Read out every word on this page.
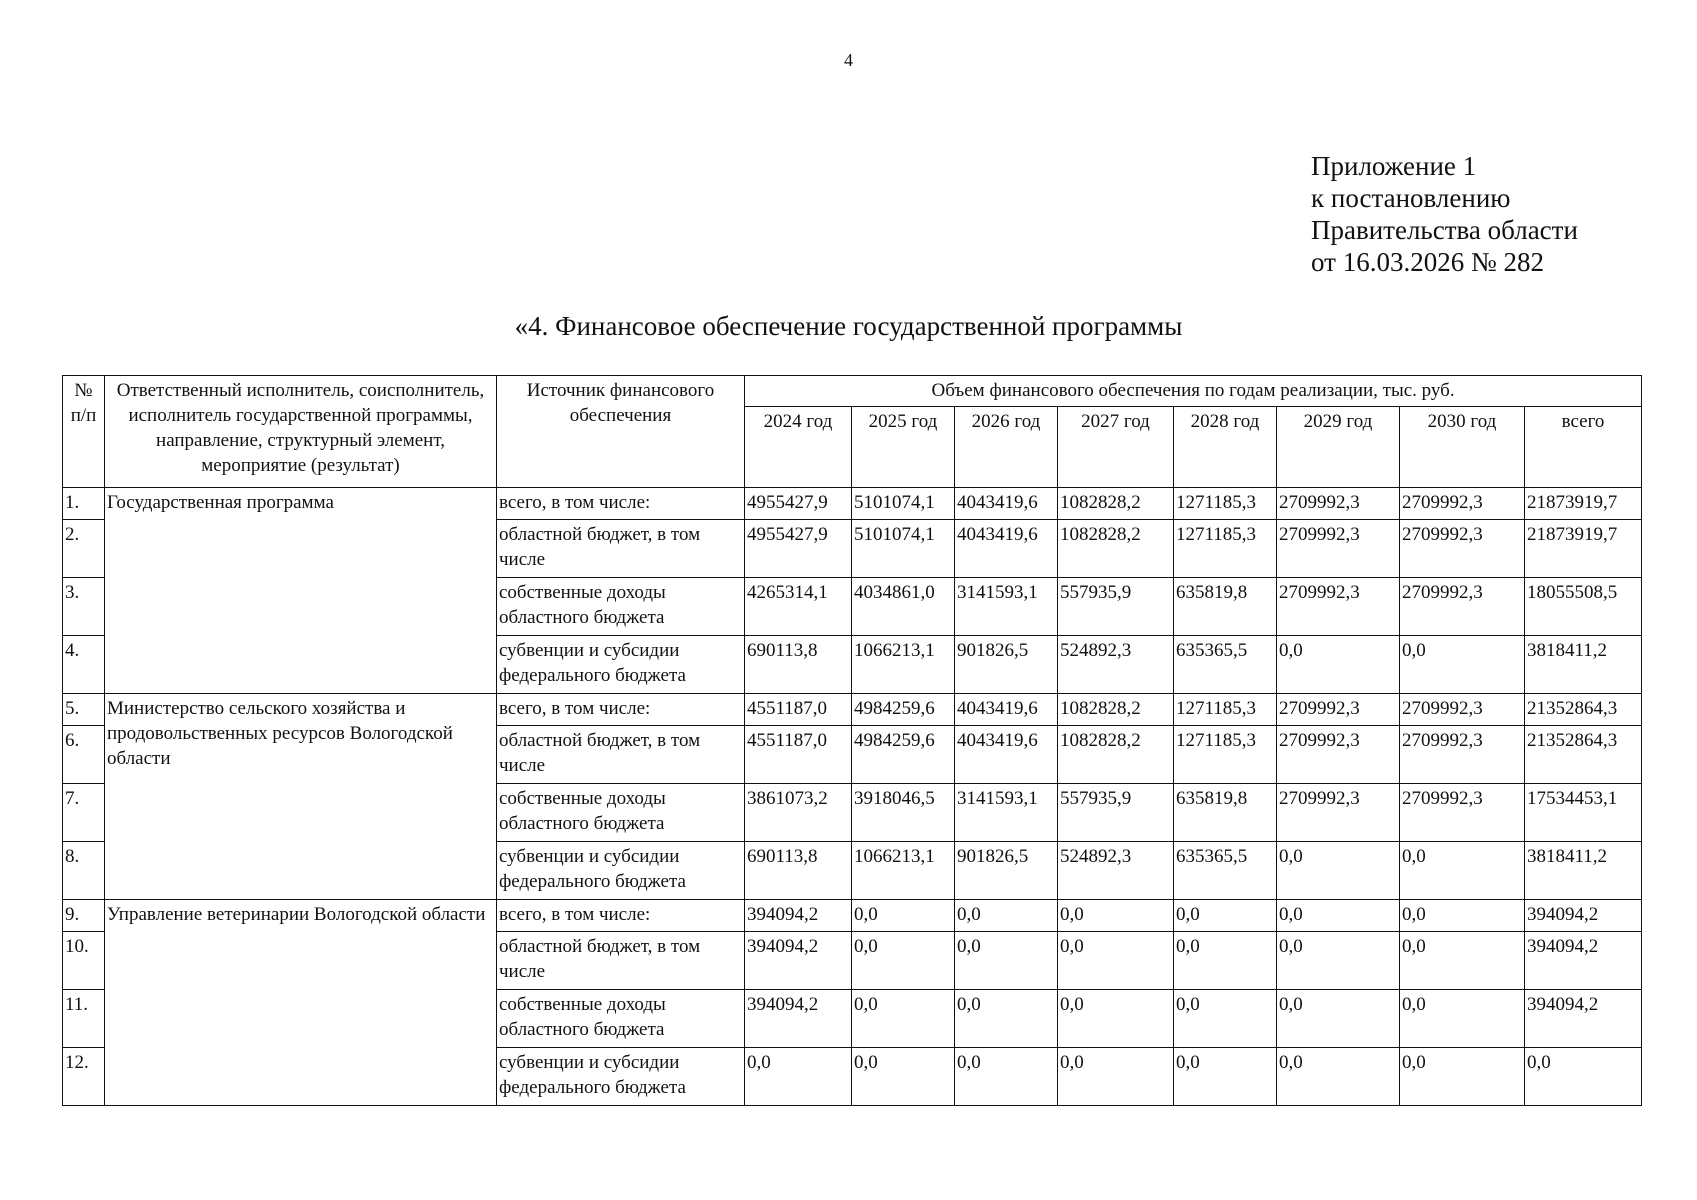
4
Приложение 1
к постановлению
Правительства области
от 16.03.2026 № 282
«4. Финансовое обеспечение государственной программы
№ п/п	Ответственный исполнитель, соисполнитель, исполнитель государственной программы, направление, структурный элемент, мероприятие (результат)	Источник финансового обеспечения	Объем финансового обеспечения по годам реализации, тыс. руб.							
			2024 год	2025 год	2026 год	2027 год	2028 год	2029 год	2030 год	всего
1.	Государственная программа	всего, в том числе:	4955427,9	5101074,1	4043419,6	1082828,2	1271185,3	2709992,3	2709992,3	21873919,7
2.		областной бюджет, в том числе	4955427,9	5101074,1	4043419,6	1082828,2	1271185,3	2709992,3	2709992,3	21873919,7
3.		собственные доходы областного бюджета	4265314,1	4034861,0	3141593,1	557935,9	635819,8	2709992,3	2709992,3	18055508,5
4.		субвенции и субсидии федерального бюджета	690113,8	1066213,1	901826,5	524892,3	635365,5	0,0	0,0	3818411,2
5.	Министерство сельского хозяйства и продовольственных ресурсов Вологодской области	всего, в том числе:	4551187,0	4984259,6	4043419,6	1082828,2	1271185,3	2709992,3	2709992,3	21352864,3
6.		областной бюджет, в том числе	4551187,0	4984259,6	4043419,6	1082828,2	1271185,3	2709992,3	2709992,3	21352864,3
7.		собственные доходы областного бюджета	3861073,2	3918046,5	3141593,1	557935,9	635819,8	2709992,3	2709992,3	17534453,1
8.		субвенции и субсидии федерального бюджета	690113,8	1066213,1	901826,5	524892,3	635365,5	0,0	0,0	3818411,2
9.	Управление ветеринарии Вологодской области	всего, в том числе:	394094,2	0,0	0,0	0,0	0,0	0,0	0,0	394094,2
10.		областной бюджет, в том числе	394094,2	0,0	0,0	0,0	0,0	0,0	0,0	394094,2
11.		собственные доходы областного бюджета	394094,2	0,0	0,0	0,0	0,0	0,0	0,0	394094,2
12.		субвенции и субсидии федерального бюджета	0,0	0,0	0,0	0,0	0,0	0,0	0,0	0,0
